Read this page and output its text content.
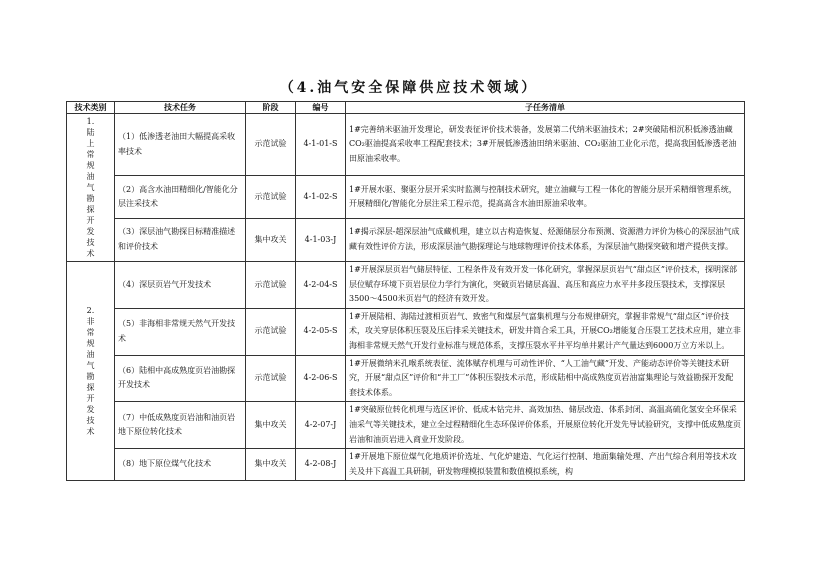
（4.油气安全保障供应技术领域）
技术类别	技术任务	阶段	编号	子任务清单
1.陆上常规油气勘探开发技术	（1）低渗透老油田大幅提高采收率技术	示范试验	4-1-01-S	1#完善纳米驱油开发理论，研发表征评价技术装备，发展第二代纳米驱油技术；2#突破陆相沉积低渗透油藏CO₂驱油提高采收率工程配套技术；3#开展低渗透油田纳米驱油、CO₂驱油工业化示范，提高我国低渗透老油田原油采收率。
	（2）高含水油田精细化/智能化分层注采技术	示范试验	4-1-02-S	1#开展水驱、聚驱分层开采实时监测与控制技术研究，建立油藏与工程一体化的智能分层开采精细管理系统，开展精细化/智能化分层注采工程示范，提高高含水油田原油采收率。
	（3）深层油气勘探目标精准描述和评价技术	集中攻关	4-1-03-J	1#揭示深层-超深层油气成藏机理，建立以古构造恢复、烃源储层分布预测、资源潜力评价为核心的深层油气成藏有效性评价方法，形成深层油气勘探理论与地球物理评价技术体系，为深层油气勘探突破和增产提供支撑。
2.非常规油气勘探开发技术	（4）深层页岩气开发技术	示范试验	4-2-04-S	1#开展深层页岩气储层特征、工程条件及有效开发一体化研究，掌握深层页岩气“甜点区”评价技术，探明深部层位赋存环境下页岩层位力学行为演化，突破页岩储层高温、高压和高应力水平井多段压裂技术，支撑深层3500～4500米页岩气的经济有效开发。
	（5）非海相非常规天然气开发技术	示范试验	4-2-05-S	1#开展陆相、海陆过渡相页岩气、致密气和煤层气富集机理与分布规律研究，掌握非常规气“甜点区”评价技术，攻关穿层体积压裂及压后排采关键技术，研发井筒合采工具，开展CO₂增能复合压裂工艺技术应用，建立非海相非常规天然气开发行业标准与规范体系，支撑压裂水平井平均单井累计产气量达到6000万立方米以上。
	（6）陆相中高成熟度页岩油勘探开发技术	示范试验	4-2-06-S	1#开展微纳米孔喉系统表征、流体赋存机理与可动性评价、“人工油气藏”开发、产能动态评价等关键技术研究，开展“甜点区”评价和“井工厂”体积压裂技术示范，形成陆相中高成熟度页岩油富集理论与效益勘探开发配套技术体系。
	（7）中低成熟度页岩油和油页岩地下原位转化技术	集中攻关	4-2-07-J	1#突破原位转化机理与选区评价、低成本钻完井、高效加热、储层改造、体系封闭、高温高硫化氢安全环保采油采气等关键技术，建立全过程精细化生态环保评价体系，开展原位转化开发先导试验研究，支撑中低成熟度页岩油和油页岩进入商业开发阶段。
	（8）地下原位煤气化技术	集中攻关	4-2-08-J	1#开展地下原位煤气化地质评价选址、气化炉建造、气化运行控制、地面集输处理、产出气综合利用等技术攻关及井下高温工具研制，研发物理模拟装置和数值模拟系统，构
